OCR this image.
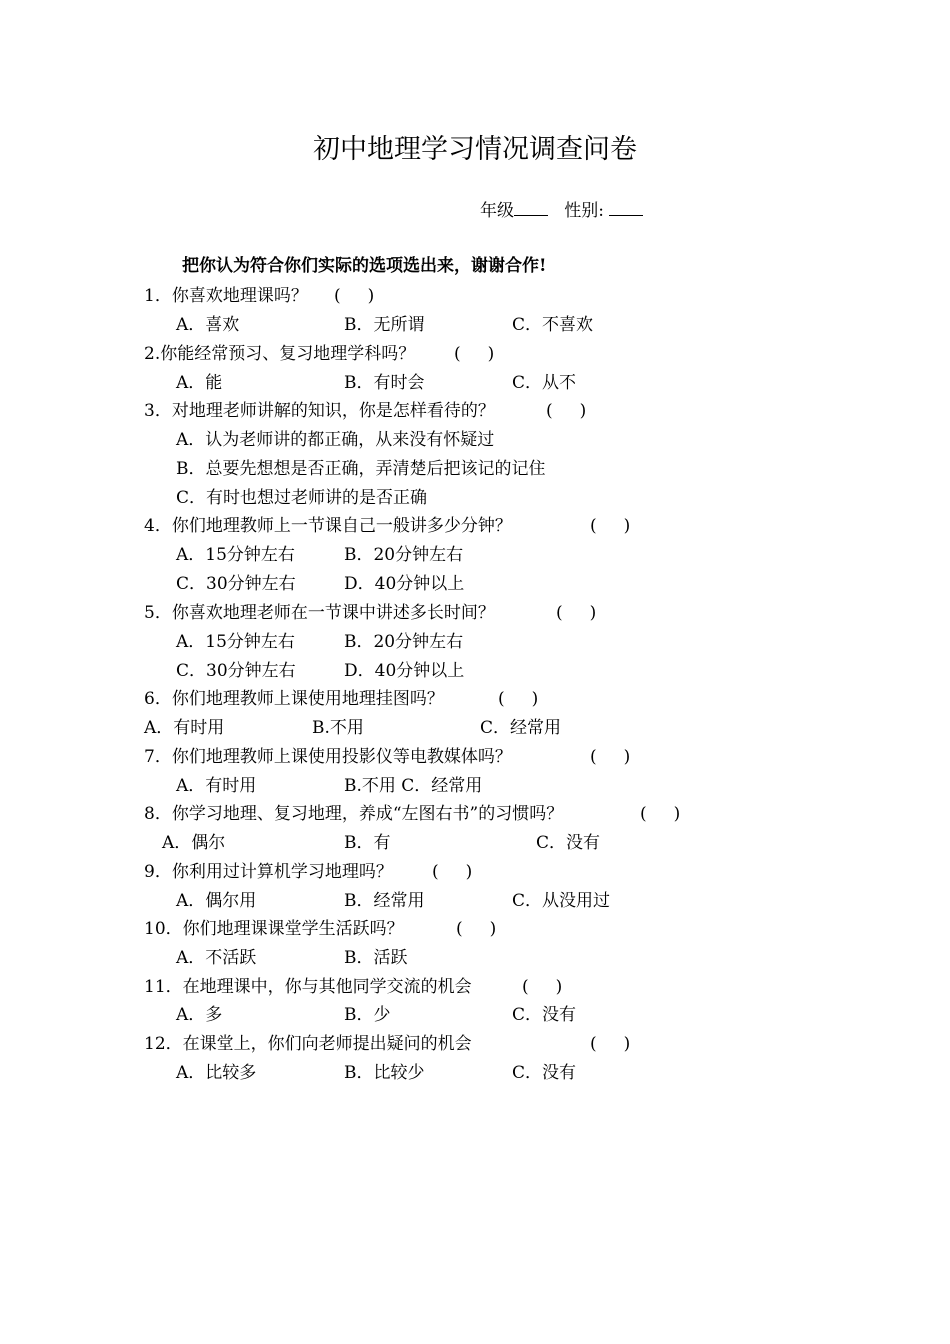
初中地理学习情况调查问卷
年级	性别:
把你认为符合你们实际的选项选出来，谢谢合作!
1．你喜欢地理课吗？ (     )
A．喜欢	B．无所谓	C．不喜欢
2.你能经常预习、复习地理学科吗？ (     )
A．能	B．有时会	C．从不
3．对地理老师讲解的知识，你是怎样看待的？	(     )
A．认为老师讲的都正确，从来没有怀疑过
B．总要先想想是否正确，弄清楚后把该记的记住
C．有时也想过老师讲的是否正确
4．你们地理教师上一节课自己一般讲多少分钟？	(     )
A．15分钟左右	B．20分钟左右
C．30分钟左右	D．40分钟以上
5．你喜欢地理老师在一节课中讲述多长时间？	(     )
A．15分钟左右	B．20分钟左右
C．30分钟左右	D．40分钟以上
6．你们地理教师上课使用地理挂图吗？	(     )
A．有时用	B.不用	C．经常用
7．你们地理教师上课使用投影仪等电教媒体吗？	(     )
A．有时用	B.不用 C．经常用
8．你学习地理、复习地理，养成“左图右书”的习惯吗？	(     )
A．偶尔	B．有	C．没有
9．你利用过计算机学习地理吗？ (     )
A．偶尔用	B．经常用	C．从没用过
10．你们地理课课堂学生活跃吗？	(     )
A．不活跃	B．活跃
11．在地理课中，你与其他同学交流的机会	(     )
A．多	B．少	C．没有
12．在课堂上，你们向老师提出疑问的机会	(     )
A．比较多	B．比较少	C．没有
